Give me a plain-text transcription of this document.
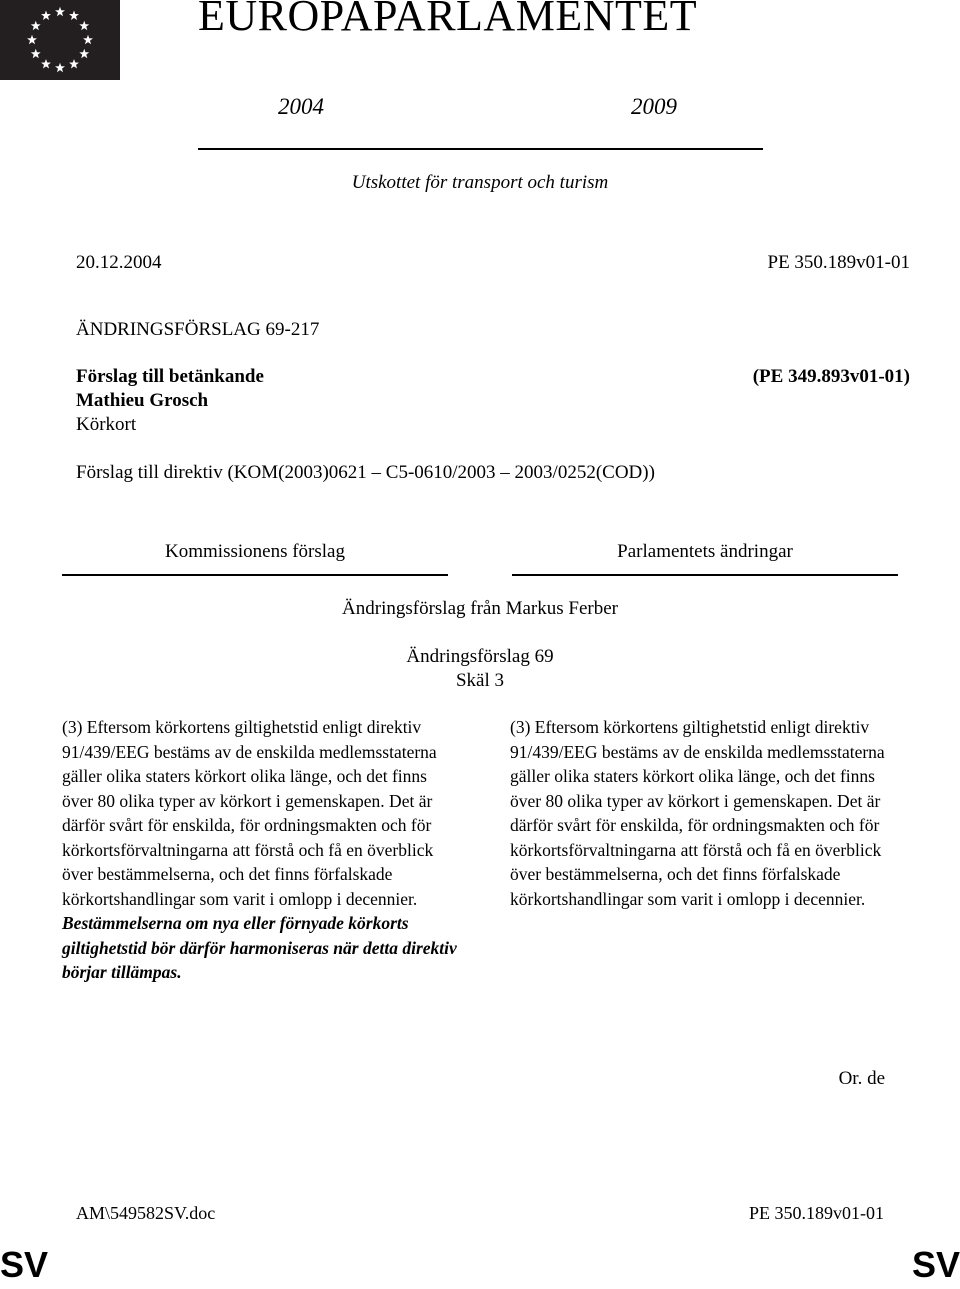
EUROPAPARLAMENTET
2004	2009
Utskottet för transport och turism
20.12.2004	PE 350.189v01-01
ÄNDRINGSFÖRSLAG 69-217
Förslag till betänkande	(PE 349.893v01-01)
Mathieu Grosch
Körkort
Förslag till direktiv (KOM(2003)0621 – C5-0610/2003 – 2003/0252(COD))
Kommissionens förslag	Parlamentets ändringar
Ändringsförslag från Markus Ferber
Ändringsförslag 69
Skäl 3

(3) Eftersom körkortens giltighetstid enligt direktiv 91/439/EEG bestäms av de enskilda medlemsstaterna gäller olika staters körkort olika länge, och det finns över 80 olika typer av körkort i gemenskapen. Det är därför svårt för enskilda, för ordningsmakten och för körkortsförvaltningarna att förstå och få en överblick över bestämmelserna, och det finns förfalskade körkortshandlingar som varit i omlopp i decennier. Bestämmelserna om nya eller förnyade körkorts giltighetstid bör därför harmoniseras när detta direktiv börjar tillämpas.

(3) Eftersom körkortens giltighetstid enligt direktiv 91/439/EEG bestäms av de enskilda medlemsstaterna gäller olika staters körkort olika länge, och det finns över 80 olika typer av körkort i gemenskapen. Det är därför svårt för enskilda, för ordningsmakten och för körkortsförvaltningarna att förstå och få en överblick över bestämmelserna, och det finns förfalskade körkortshandlingar som varit i omlopp i decennier.

Or. de
AM\549582SV.doc	PE 350.189v01-01
SV	SV
